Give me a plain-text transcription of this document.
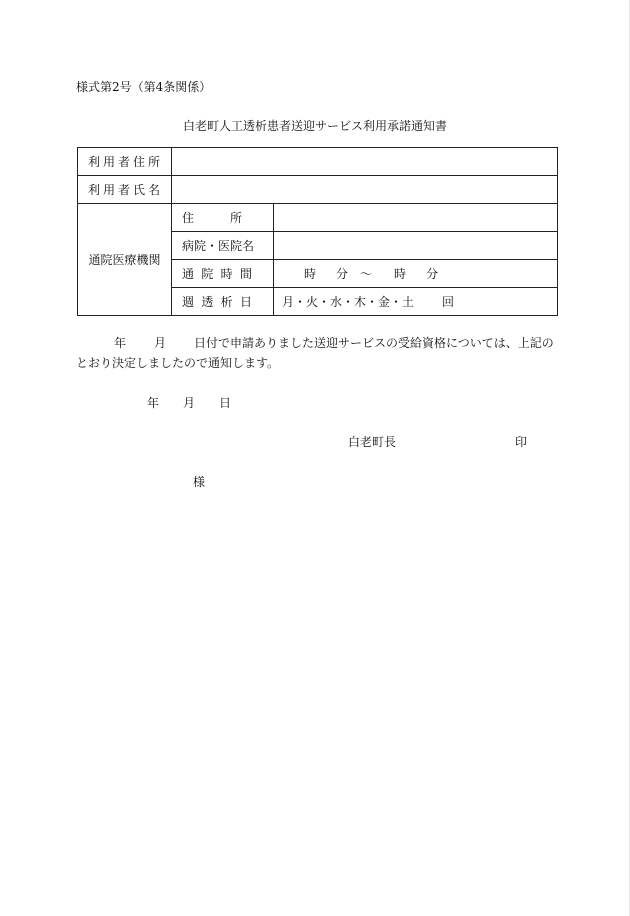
様式第2号（第4条関係）
白老町人工透析患者送迎サービス利用承諾通知書
利用者住所		
利用者氏名		
通院医療機関	住　　　所	
	病院・医院名	
	通院時間	時 分 ～ 時 分
	週透析日	月・火・水・木・金・土 回
年 月 日付で申請ありました送迎サービスの受給資格については、上記のとおり決定しましたので通知します。
年 月 日
白老町長	印
様
